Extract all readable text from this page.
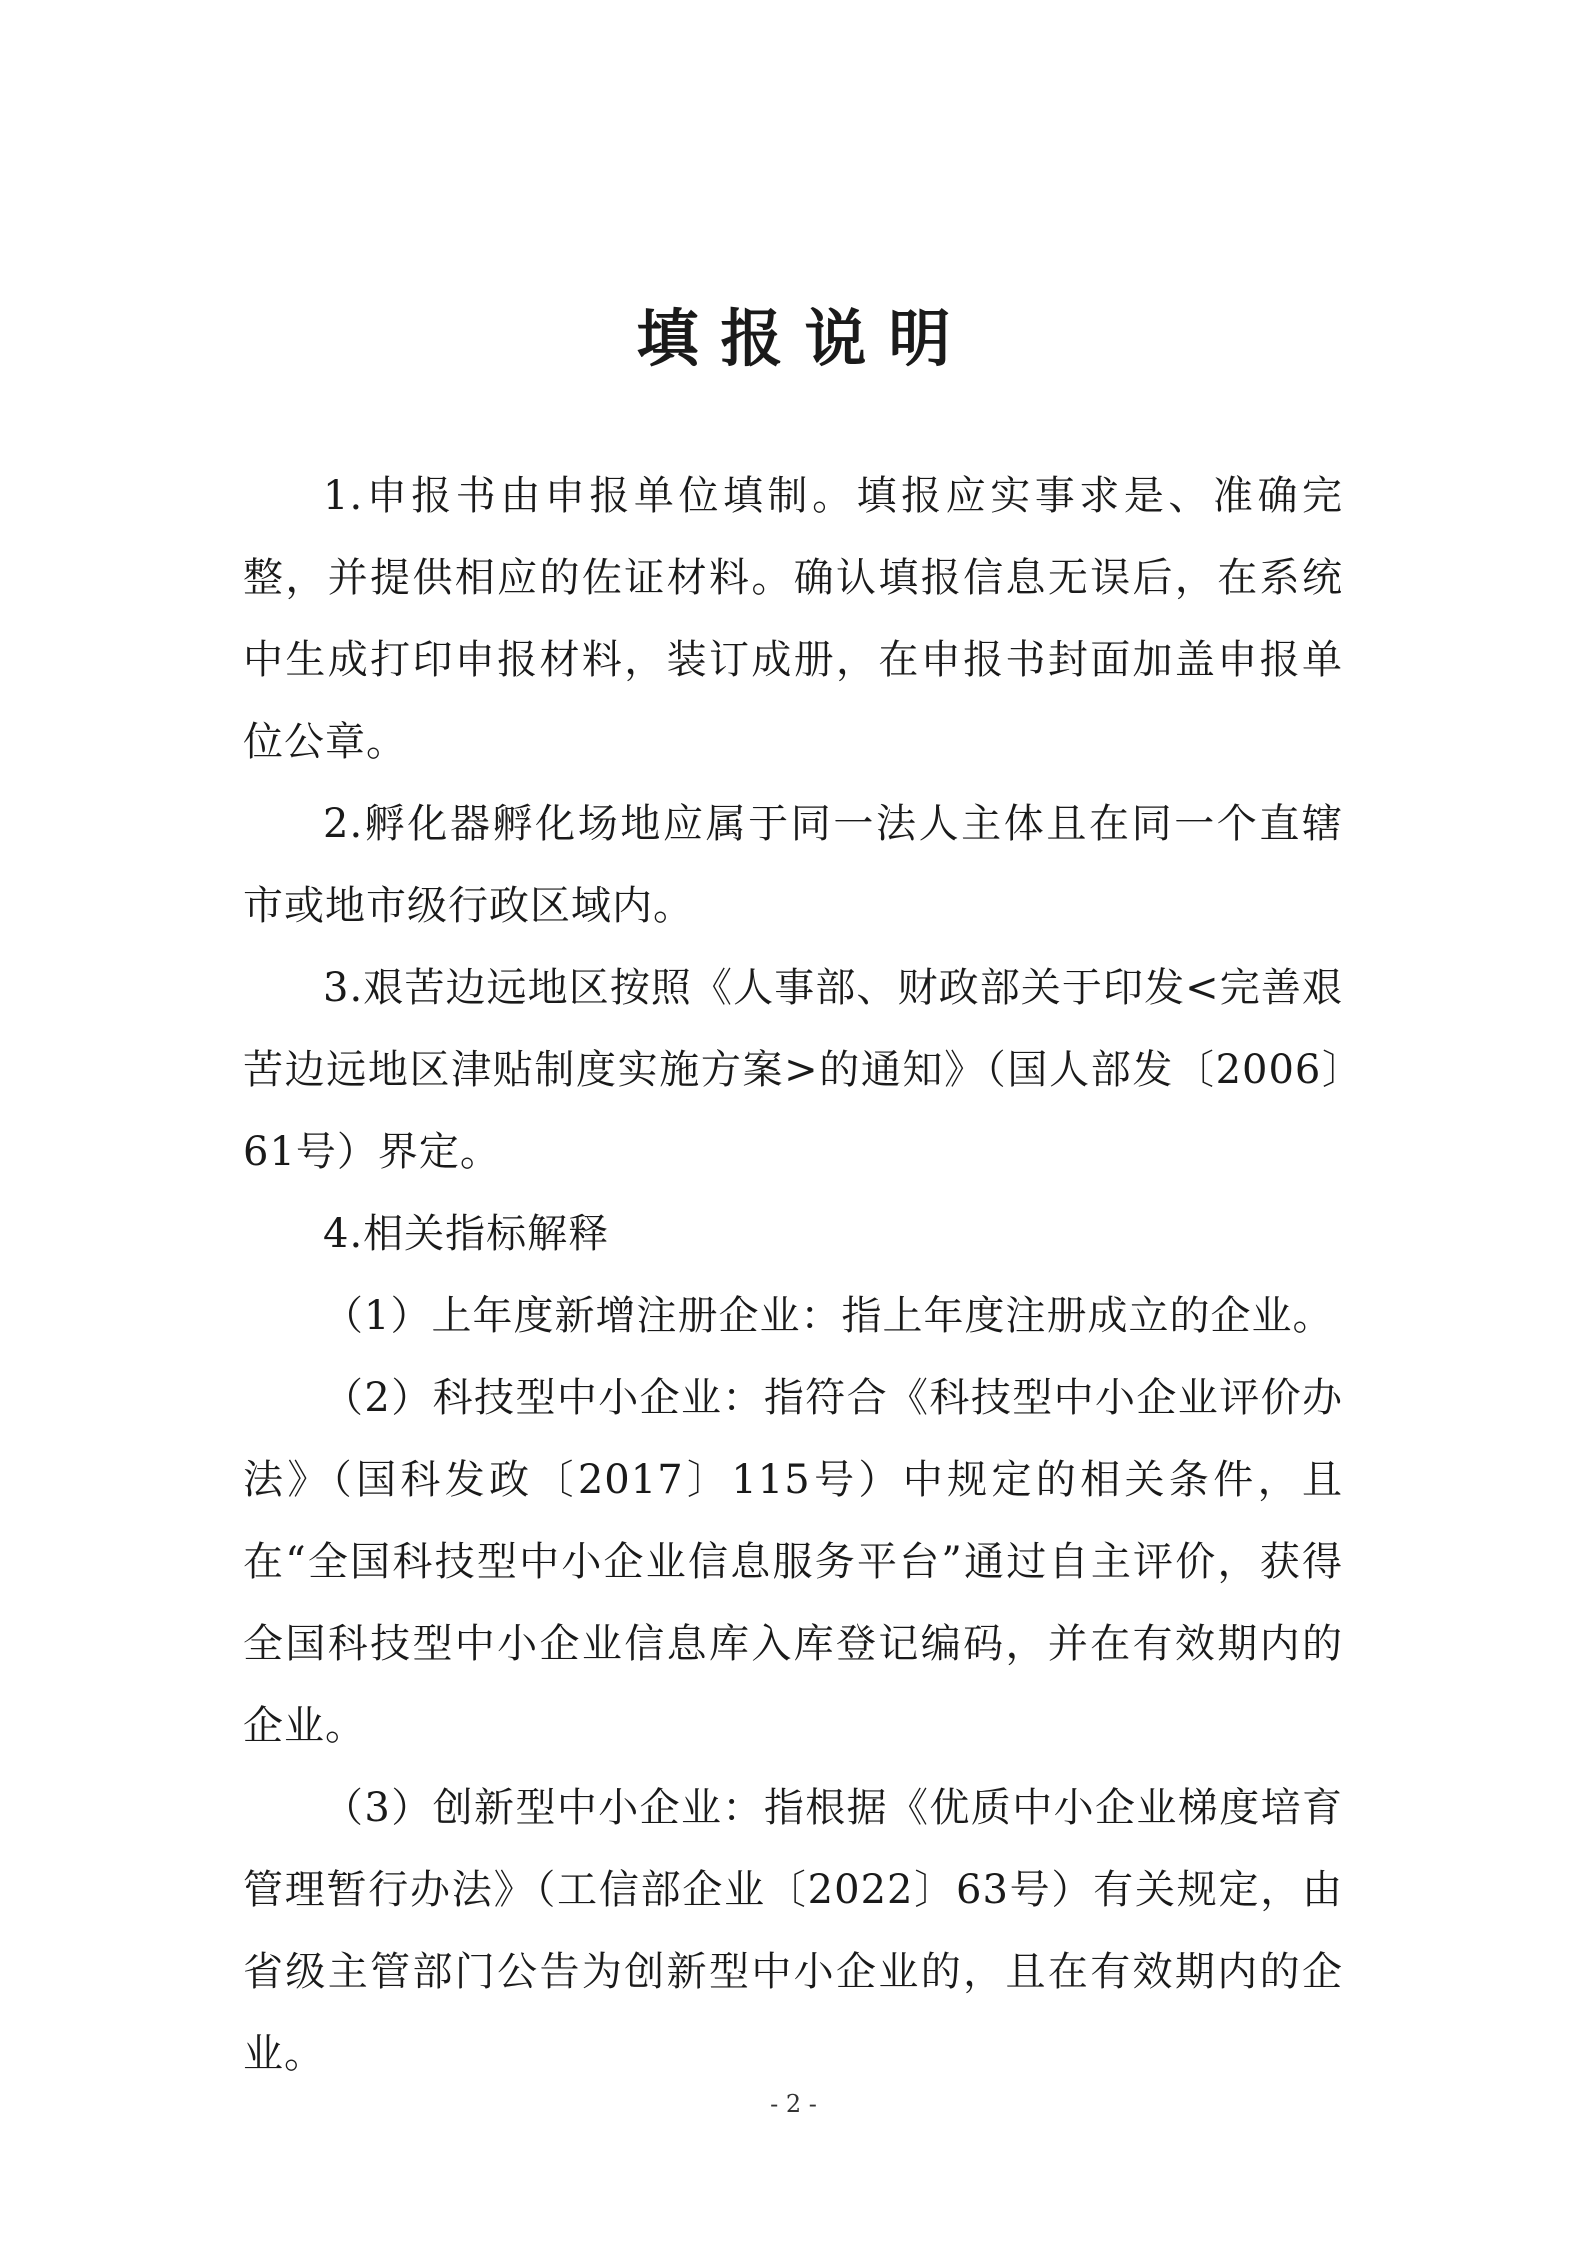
填报说明

1.申报书由申报单位填制。填报应实事求是、准确完整，并提供相应的佐证材料。确认填报信息无误后，在系统中生成打印申报材料，装订成册，在申报书封面加盖申报单位公章。

2.孵化器孵化场地应属于同一法人主体且在同一个直辖市或地市级行政区域内。

3.艰苦边远地区按照《人事部、财政部关于印发<完善艰苦边远地区津贴制度实施方案>的通知》（国人部发〔2006〕61号）界定。

4.相关指标解释

（1）上年度新增注册企业：指上年度注册成立的企业。

（2）科技型中小企业：指符合《科技型中小企业评价办法》（国科发政〔2017〕115号）中规定的相关条件，且在“全国科技型中小企业信息服务平台”通过自主评价，获得全国科技型中小企业信息库入库登记编码，并在有效期内的企业。

（3）创新型中小企业：指根据《优质中小企业梯度培育管理暂行办法》（工信部企业〔2022〕63号）有关规定，由省级主管部门公告为创新型中小企业的，且在有效期内的企业。

- 2 -
